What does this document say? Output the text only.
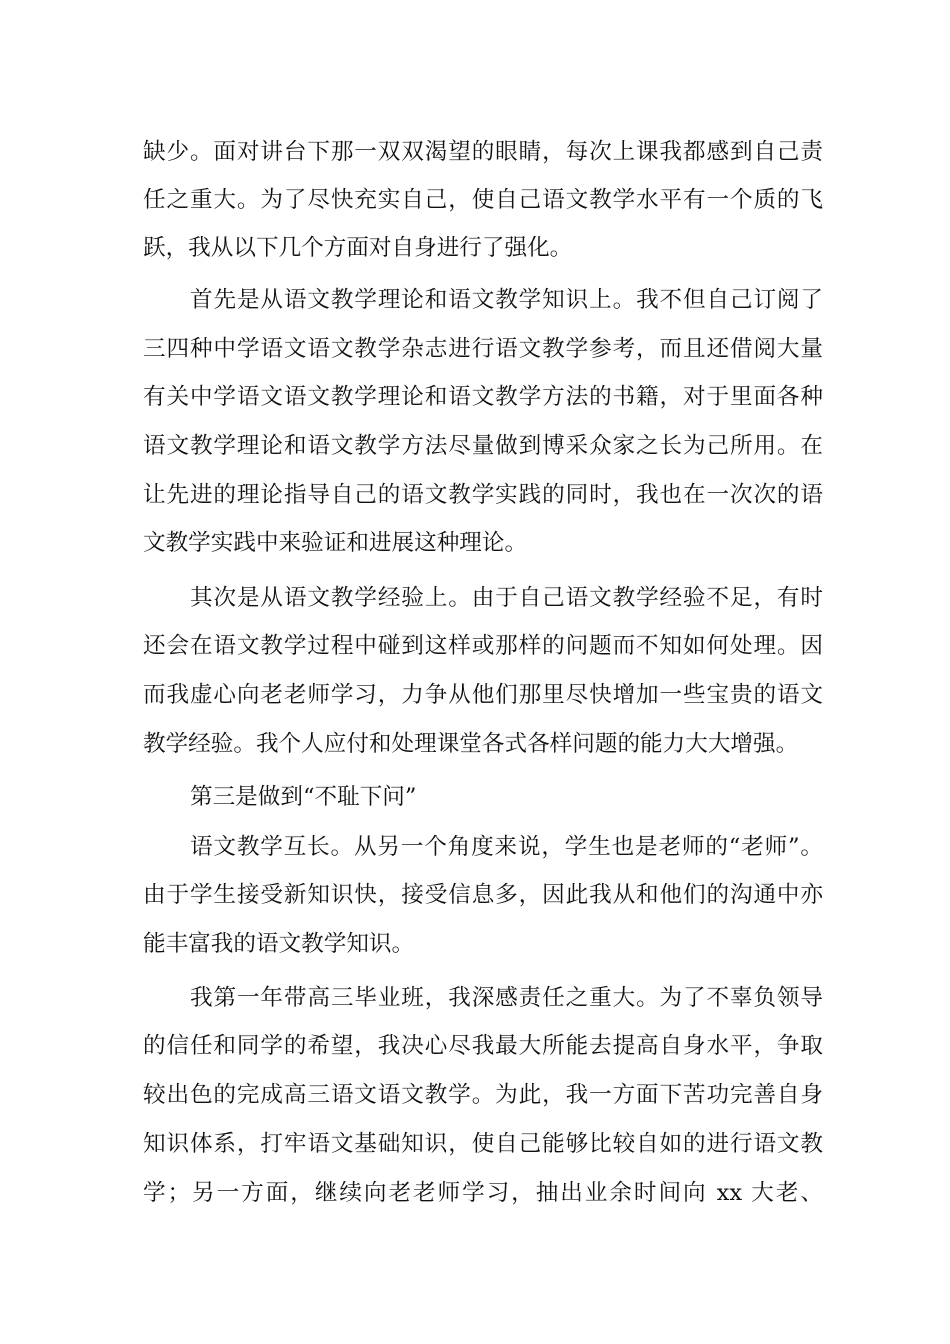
缺少。面对讲台下那一双双渴望的眼睛，每次上课我都感到自己责
任之重大。为了尽快充实自己，使自己语文教学水平有一个质的飞
跃，我从以下几个方面对自身进行了强化。
首先是从语文教学理论和语文教学知识上。我不但自己订阅了
三四种中学语文语文教学杂志进行语文教学参考，而且还借阅大量
有关中学语文语文教学理论和语文教学方法的书籍，对于里面各种
语文教学理论和语文教学方法尽量做到博采众家之长为己所用。在
让先进的理论指导自己的语文教学实践的同时，我也在一次次的语
文教学实践中来验证和进展这种理论。
其次是从语文教学经验上。由于自己语文教学经验不足，有时
还会在语文教学过程中碰到这样或那样的问题而不知如何处理。因
而我虚心向老老师学习，力争从他们那里尽快增加一些宝贵的语文
教学经验。我个人应付和处理课堂各式各样问题的能力大大增强。
第三是做到“不耻下问”
语文教学互长。从另一个角度来说，学生也是老师的“老师”。
由于学生接受新知识快，接受信息多，因此我从和他们的沟通中亦
能丰富我的语文教学知识。
我第一年带高三毕业班，我深感责任之重大。为了不辜负领导
的信任和同学的希望，我决心尽我最大所能去提高自身水平，争取
较出色的完成高三语文语文教学。为此，我一方面下苦功完善自身
知识体系，打牢语文基础知识，使自己能够比较自如的进行语文教
学；另一方面，继续向老老师学习，抽出业余时间向 xx 大老、
